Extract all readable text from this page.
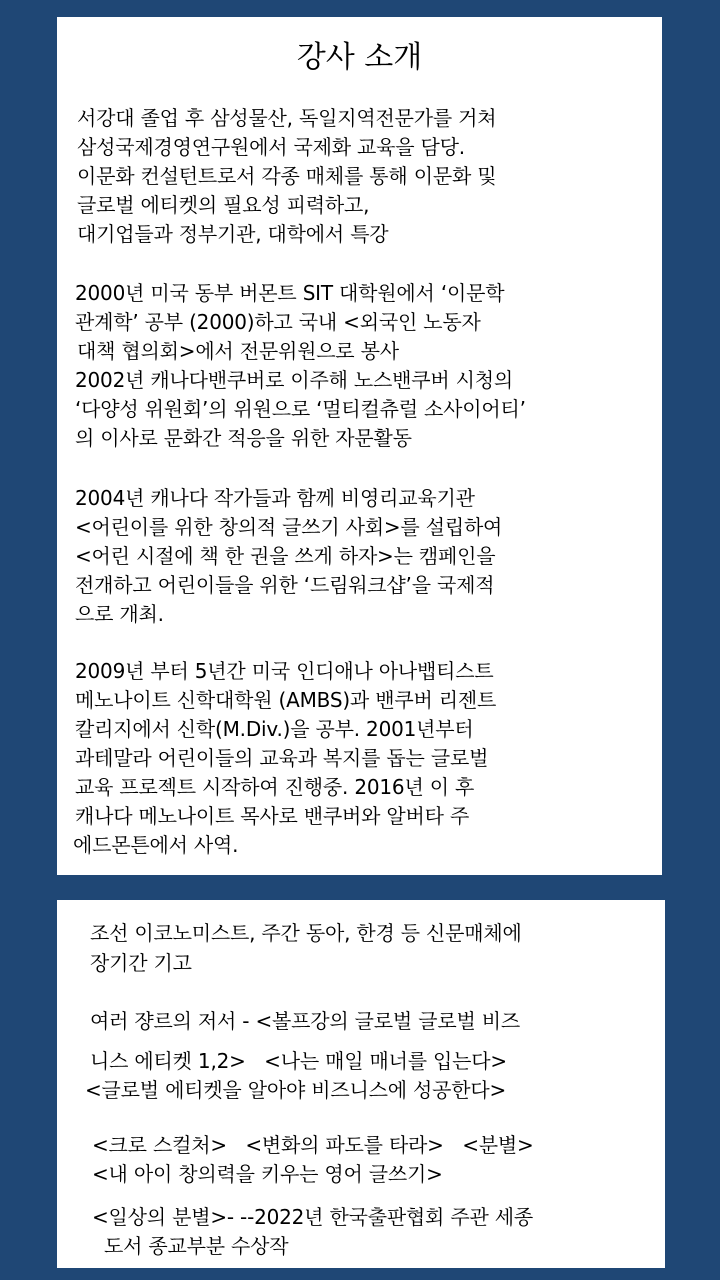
강사 소개
서강대 졸업 후 삼성물산, 독일지역전문가를 거쳐
삼성국제경영연구원에서 국제화 교육을 담당.
이문화 컨설턴트로서 각종 매체를 통해 이문화 및
글로벌 에티켓의 필요성 피력하고,
대기업들과 정부기관, 대학에서 특강
2000년 미국 동부 버몬트 SIT 대학원에서 ‘이문학
관계학’ 공부 (2000)하고 국내 <외국인 노동자
대책 협의회>에서 전문위원으로 봉사
2002년 캐나다밴쿠버로 이주해 노스밴쿠버 시청의
‘다양성 위원회’의 위원으로 ‘멀티컬츄럴 소사이어티’
의 이사로 문화간 적응을 위한 자문활동
2004년 캐나다 작가들과 함께 비영리교육기관
<어린이를 위한 창의적 글쓰기 사회>를 설립하여
<어린 시절에 책 한 권을 쓰게 하자>는 캠페인을
전개하고 어린이들을 위한 ‘드림워크샵’을 국제적
으로 개최.
2009년 부터 5년간 미국 인디애나 아나뱁티스트
메노나이트 신학대학원 (AMBS)과 밴쿠버 리젠트
칼리지에서 신학(M.Div.)을 공부. 2001년부터
과테말라 어린이들의 교육과 복지를 돕는 글로벌
교육 프로젝트 시작하여 진행중. 2016년 이 후
캐나다 메노나이트 목사로 밴쿠버와 알버타 주
에드몬튼에서 사역.
조선 이코노미스트, 주간 동아, 한경 등 신문매체에
장기간 기고
여러 쟝르의 저서 - <볼프강의 글로벌 글로벌 비즈
니스 에티켓 1,2>   <나는 매일 매너를 입는다>
<글로벌 에티켓을 알아야 비즈니스에 성공한다>
<크로 스컬처>   <변화의 파도를 타라>   <분별>
<내 아이 창의력을 키우는 영어 글쓰기>
<일상의 분별>- --2022년 한국출판협회 주관 세종
도서 종교부분 수상작
